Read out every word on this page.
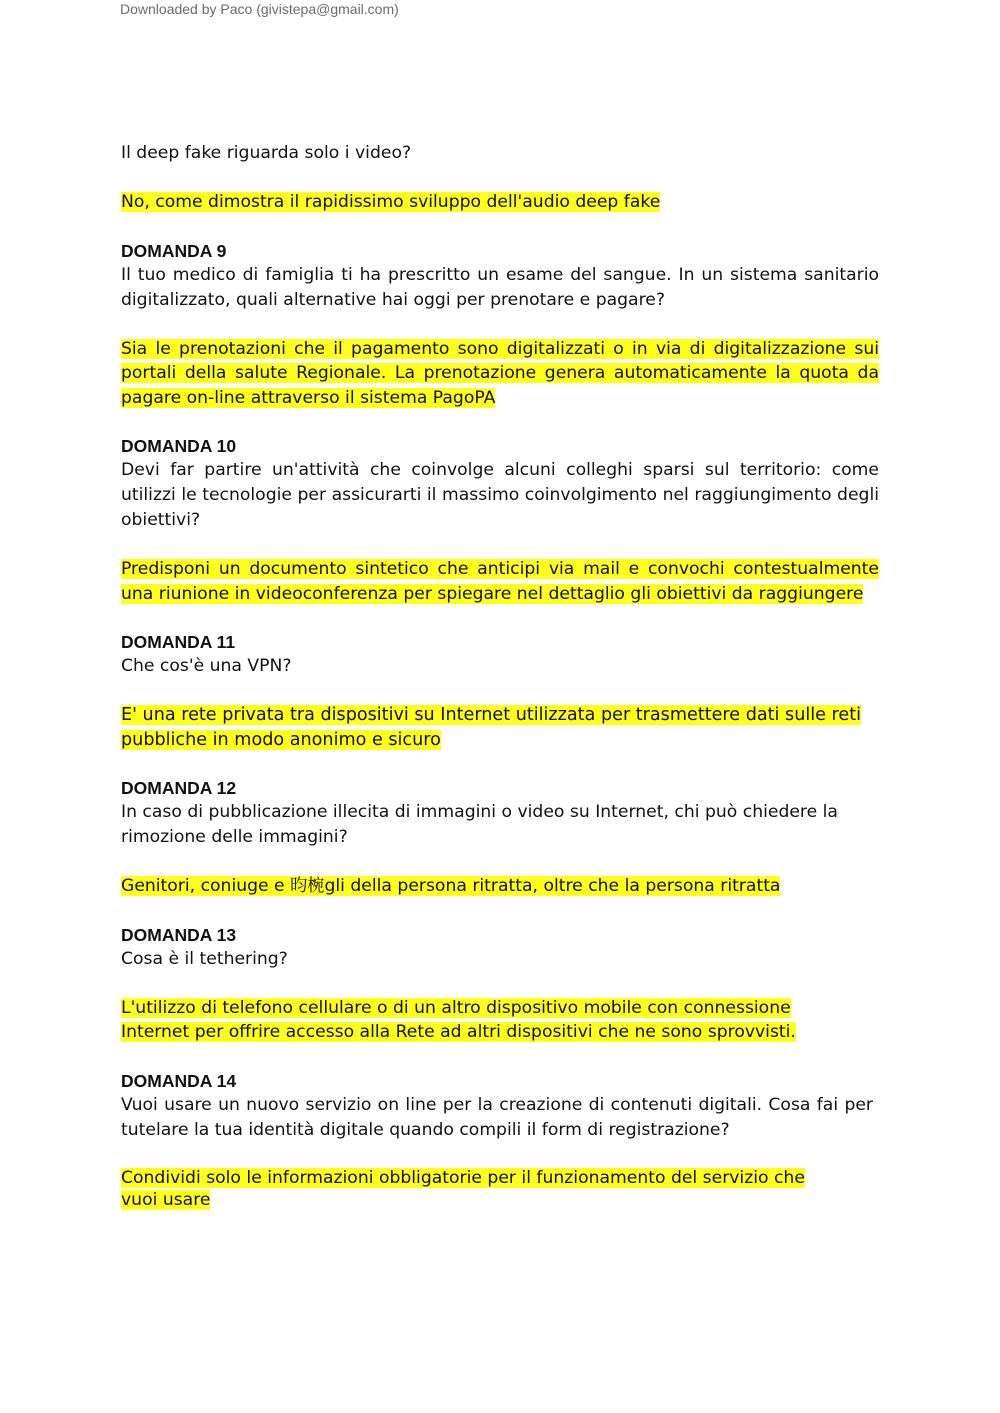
Downloaded by Paco (givistepa@gmail.com)

Il deep fake riguarda solo i video?

No, come dimostra il rapidissimo sviluppo dell'audio deep fake

DOMANDA 9

Il tuo medico di famiglia ti ha prescritto un esame del sangue. In un sistema sanitario digitalizzato, quali alternative hai oggi per prenotare e pagare?

Sia le prenotazioni che il pagamento sono digitalizzati o in via di digitalizzazione sui portali della salute Regionale. La prenotazione genera automaticamente la quota da pagare on-line attraverso il sistema PagoPA

DOMANDA 10

Devi far partire un'attività che coinvolge alcuni colleghi sparsi sul territorio: come utilizzi le tecnologie per assicurarti il massimo coinvolgimento nel raggiungimento degli obiettivi?

Predisponi un documento sintetico che anticipi via mail e convochi contestualmente una riunione in videoconferenza per spiegare nel dettaglio gli obiettivi da raggiungere

DOMANDA 11

Che cos'è una VPN?

E' una rete privata tra dispositivi su Internet utilizzata per trasmettere dati sulle reti pubbliche in modo anonimo e sicuro

DOMANDA 12

In caso di pubblicazione illecita di immagini o video su Internet, chi può chiedere la rimozione delle immagini?

Genitori, coniuge e 昀椀gli della persona ritratta, oltre che la persona ritratta

DOMANDA 13

Cosa è il tethering?

L'utilizzo di telefono cellulare o di un altro dispositivo mobile con connessione Internet per offrire accesso alla Rete ad altri dispositivi che ne sono sprovvisti.

DOMANDA 14

Vuoi usare un nuovo servizio on line per la creazione di contenuti digitali. Cosa fai per tutelare la tua identità digitale quando compili il form di registrazione?

Condividi solo le informazioni obbligatorie per il funzionamento del servizio che vuoi usare
